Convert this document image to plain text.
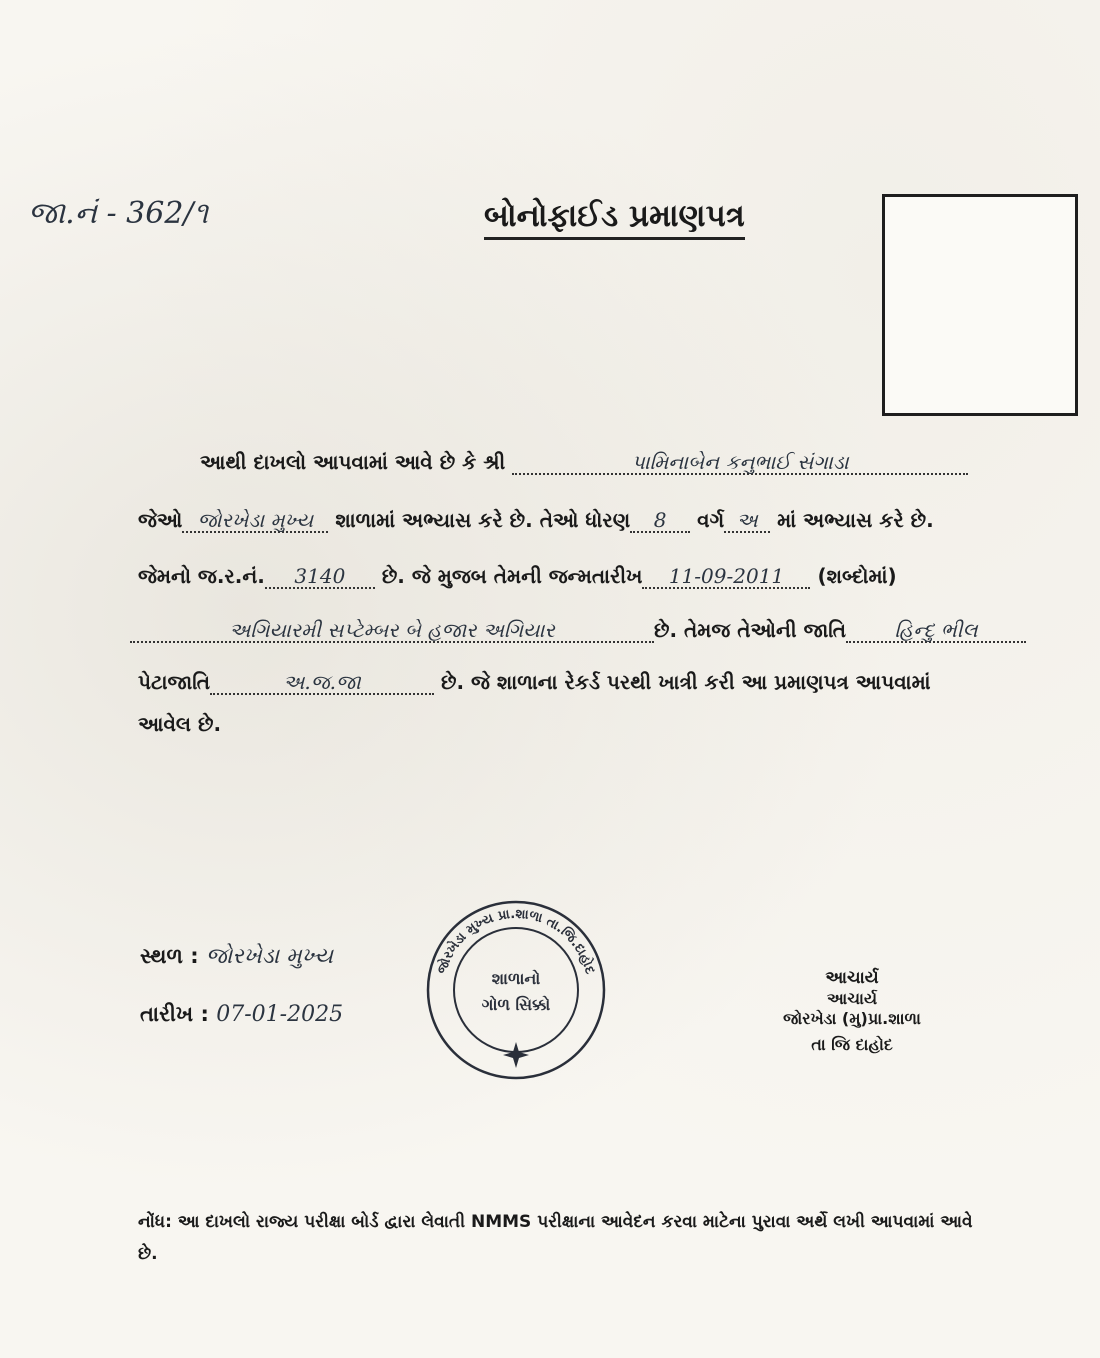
જા.નં - 362/૧	બોનોફાઈડ પ્રમાણપત્ર
આથી દાખલો આપવામાં આવે છે કે શ્રી	પામિનાબેન કનુભાઈ સંગાડા
જેઓ જોરખેડા મુખ્ય શાળામાં અભ્યાસ કરે છે. તેઓ ધોરણ 8 વર્ગ અ માં અભ્યાસ કરે છે.
જેમનો જ.ર.નં. 3140 છે. જે મુજબ તેમની જન્મતારીખ 11-09-2011 (શબ્દોમાં)
અગિયારમી સપ્ટેમ્બર બે હજાર અગિયાર	છે. તેમજ તેઓની જાતિ હિન્દુ ભીલ
પેટાજાતિ	અ.જ.જા	છે. જે શાળાના રેકર્ડ પરથી ખાત્રી કરી આ પ્રમાણપત્ર આપવામાં
આવેલ છે.
સ્થળ : જોરખેડા મુખ્ય
તારીખ : 07-01-2025
જોરખેડા મુખ્ય પ્રા.શાળા તા.જિ.દાહોદ
શાળાનો
ગોળ સિક્કો
આચાર્ય
આચાર્ય
જોરખેડા (મુ)પ્રા.શાળા
તા જિ દાહોદ
નોંધ: આ દાખલો રાજ્ય પરીક્ષા બોર્ડ દ્વારા લેવાતી NMMS પરીક્ષાના આવેદન કરવા માટેના પુરાવા અર્થે લખી આપવામાં આવે છે.
